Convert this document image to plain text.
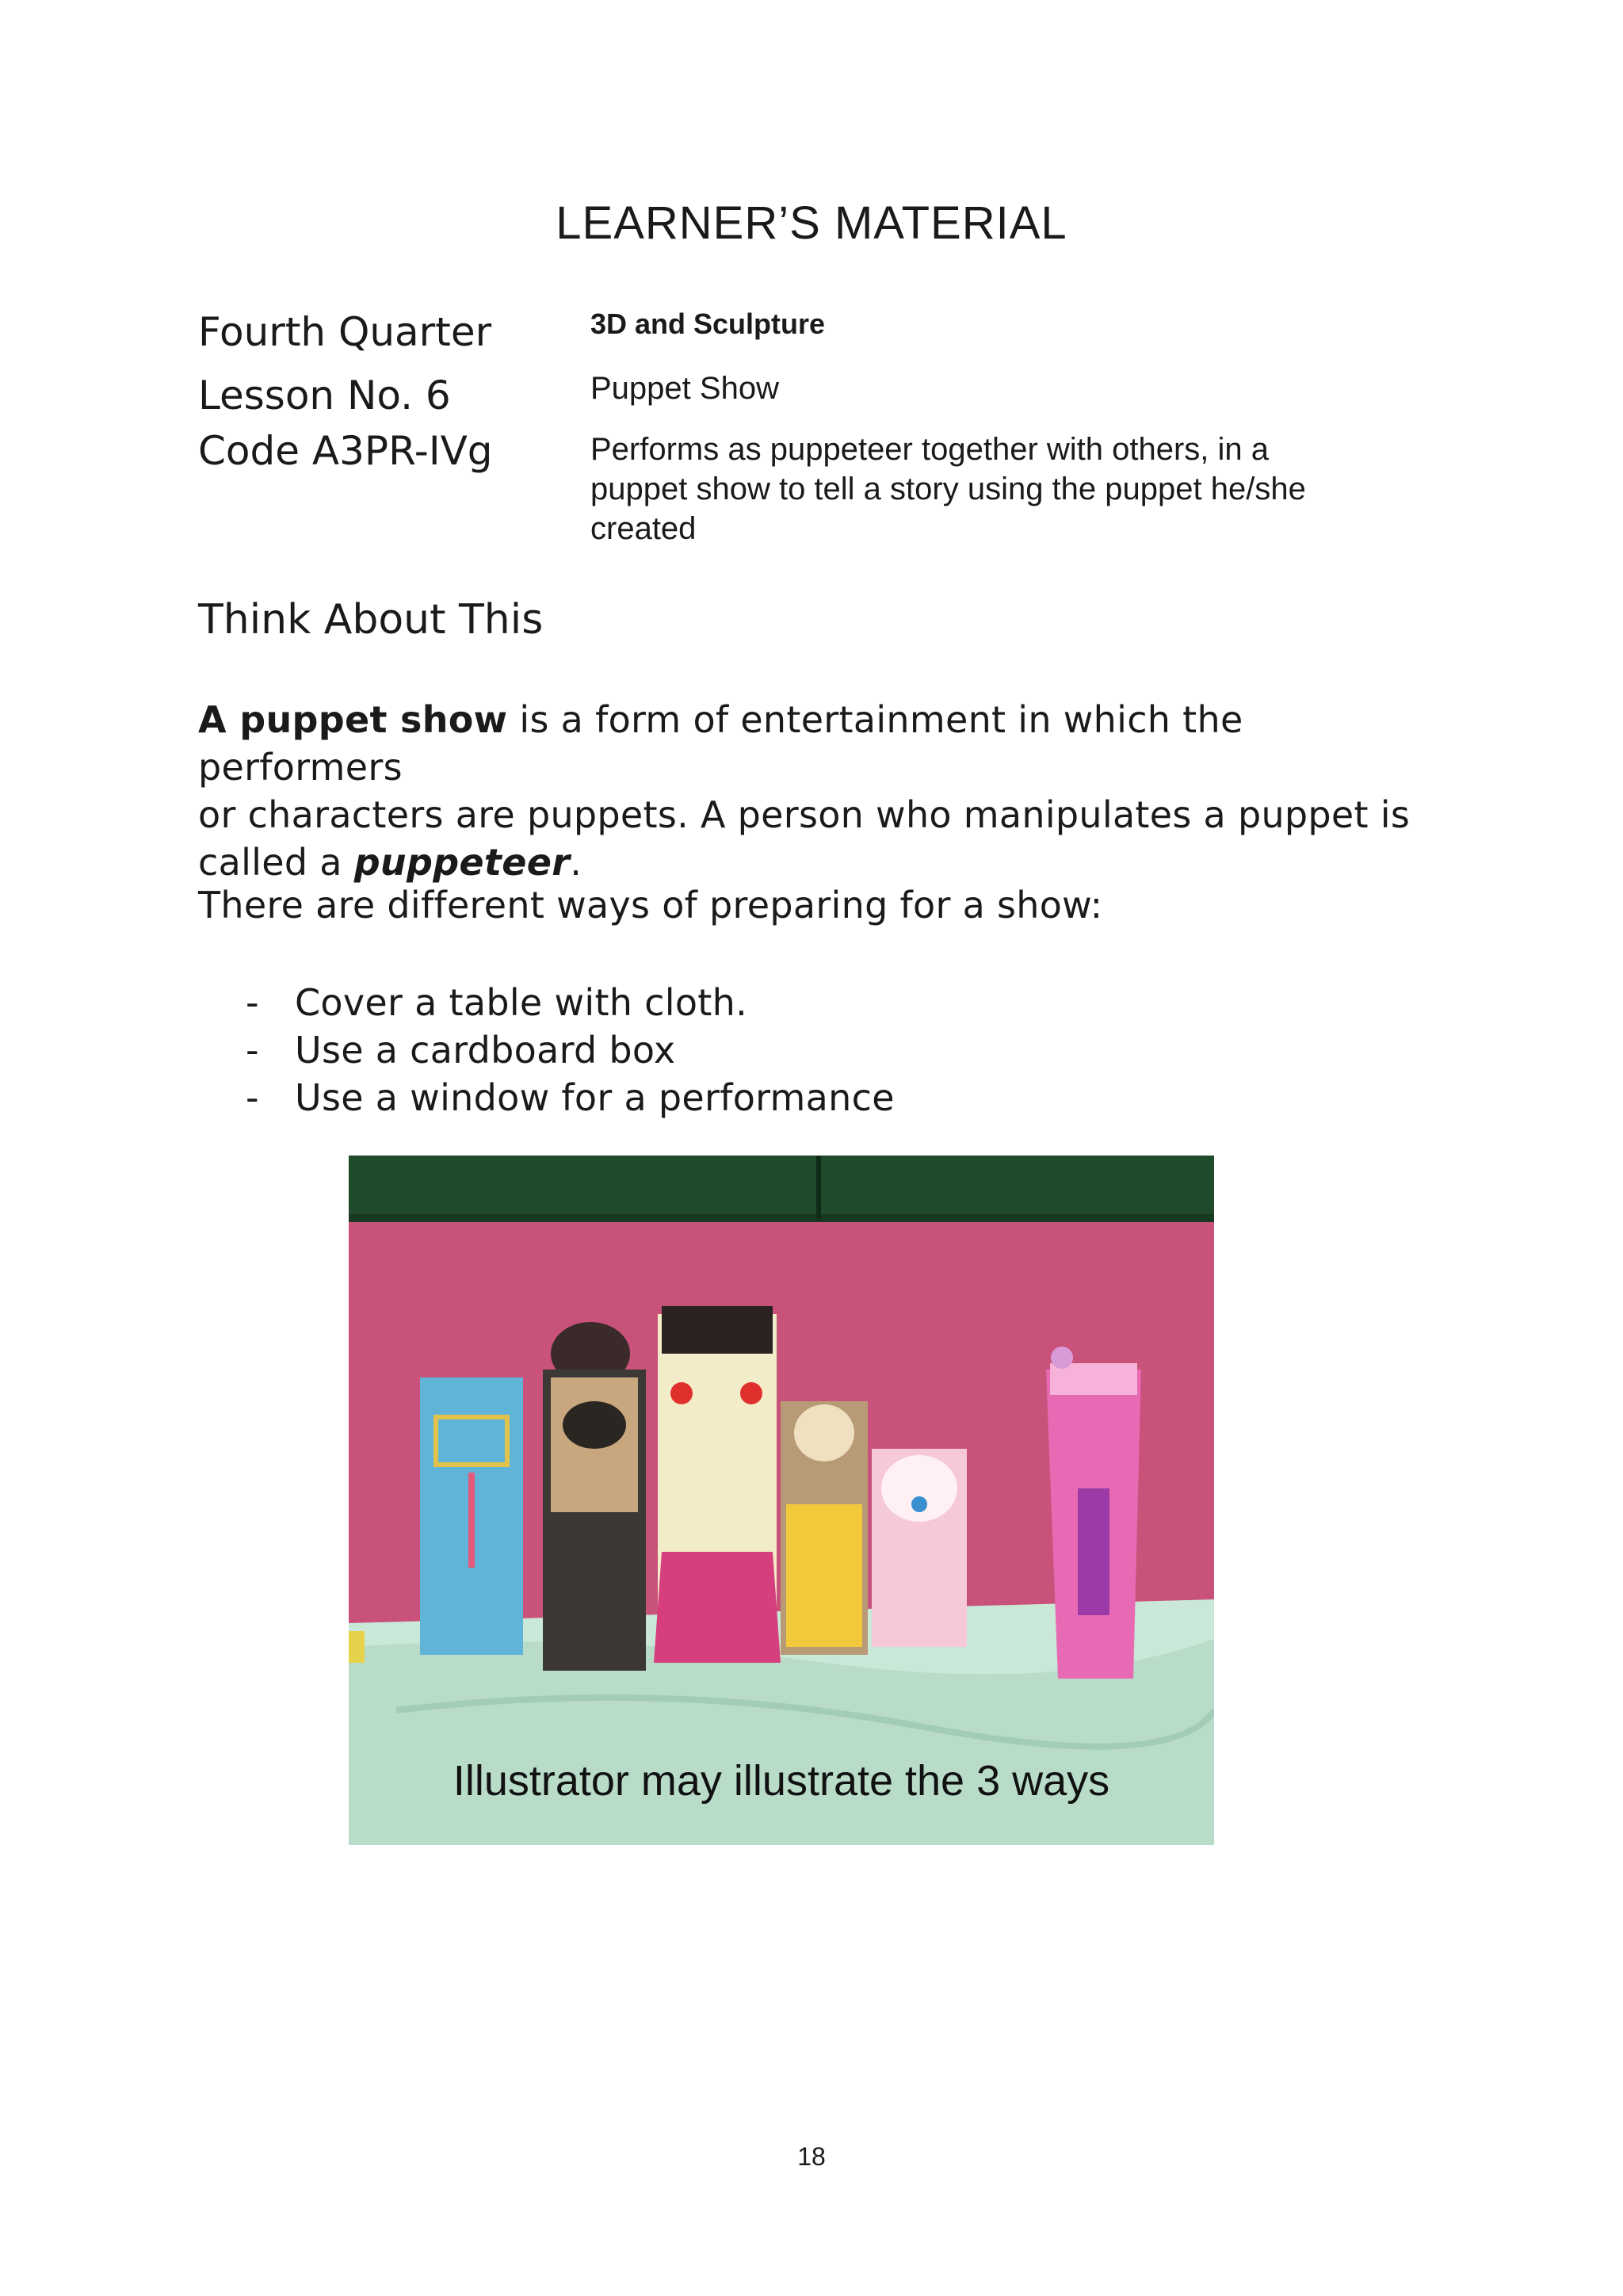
LEARNER’S MATERIAL
Fourth Quarter
Lesson No. 6
Code A3PR-IVg
3D and Sculpture
Puppet Show
Performs as puppeteer together with others, in a
puppet show to tell a story using the puppet he/she
created
Think About This
A puppet show is a form of entertainment in which the performers
or characters are puppets. A person who manipulates a puppet is
called a puppeteer.
There are different ways of preparing for a show:
- Cover a table with cloth.
- Use a cardboard box
- Use a window for a performance
Illustrator may illustrate the 3 ways
18
